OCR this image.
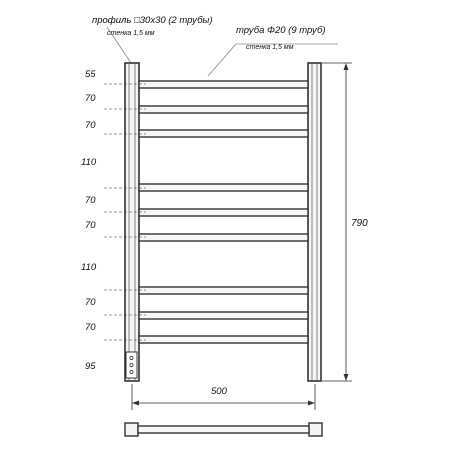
профиль □30х30 (2 трубы)
стенка 1,5 мм	труба Φ20 (9 труб)
стенка 1,5 мм
55
70
70
110
70
70
110
70
70
95
790
500
